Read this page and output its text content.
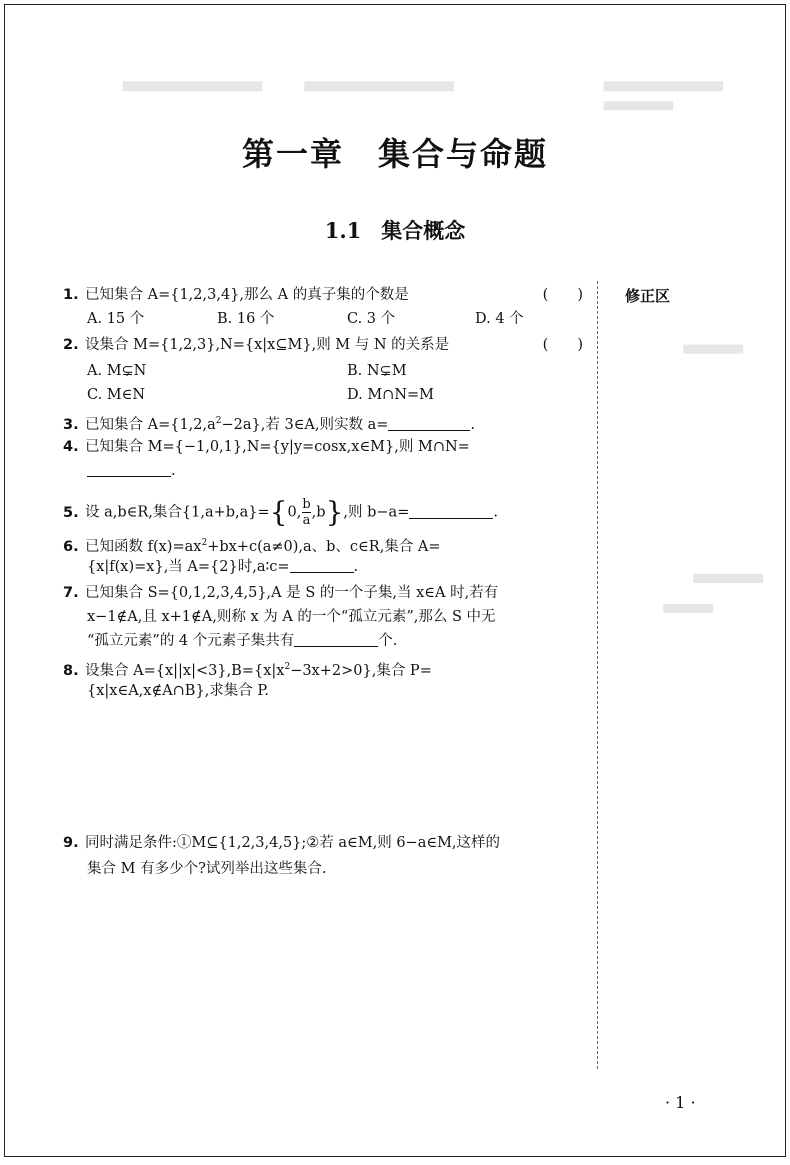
第一章　集合与命题
1.1 集合概念
修正区
1. 已知集合 A={1,2,3,4},那么 A 的真子集的个数是	(　　)
A. 15 个	B. 16 个	C. 3 个	D. 4 个
2. 设集合 M={1,2,3},N={x|x⊆M},则 M 与 N 的关系是	(　　)
A. M⊊N	B. N⊊M
C. M∈N	D. M∩N=M
3. 已知集合 $A=\{1,2,a^2-2a\}$,若 3∈A,则实数 a=	.
4. 已知集合 M={−1,0,1},N={y|y=cosx,x∈M},则 M∩N=
.
5. 设 a,b∈R,集合{1,a+b,a}={0, $\frac{b}{a} ,b$},则 b−a=	.
6. 已知函数 $f(x)=ax^2+bx+c(a\ne 0),a$、b、c∈R,集合 A=
{x|f(x)=x},当 A={2}时,a∶c=	.
7. 已知集合 S={0,1,2,3,4,5},A 是 S 的一个子集,当 x∈A 时,若有
x−1∉A,且 x+1∉A,则称 x 为 A 的一个“孤立元素”,那么 S 中无
“孤立元素”的 4 个元素子集共有	个.
8. 设集合 $A=\{x||x|<3\},B=\{x|x^2-3x+2>0\}$,集合 P=
{x|x∈A,x∉A∩B},求集合 P.
9. 同时满足条件:①M⊆{1,2,3,4,5};②若 a∈M,则 6−a∈M,这样的
集合 M 有多少个?试列举出这些集合.
· 1 ·
